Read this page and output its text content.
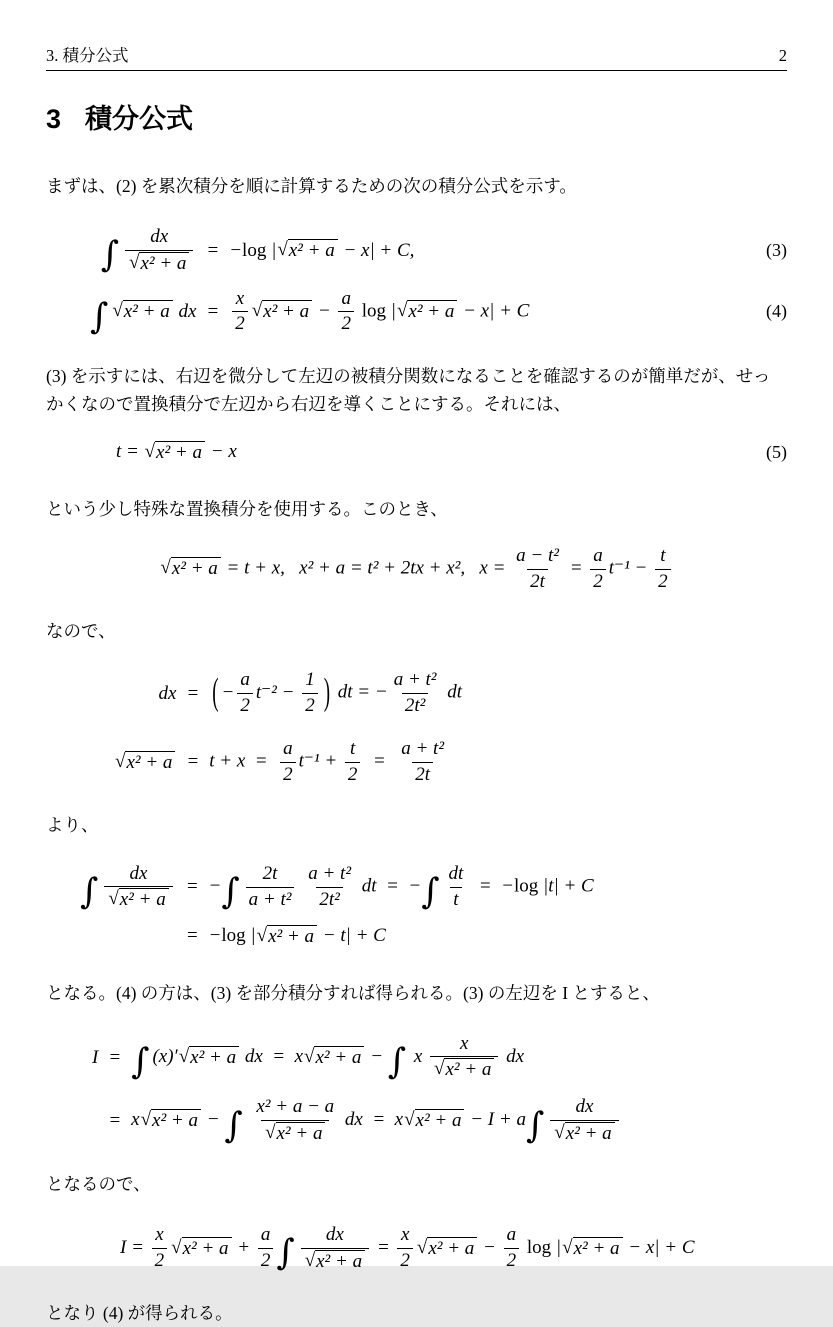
3. 積分公式	2
3 積分公式

まずは、(2) を累次積分を順に計算するための次の積分公式を示す。

∫ $\frac{dx}{\text{√ x² + a}} = -\log$ | √ x² + a − x| + C,	(3)
∫ √ x² + a dx = $\frac{x}{2}$ √ $x^2 + a - \frac{a}{2}$ log | √ x² + a − x| + C	(4)

(3) を示すには、右辺を微分して左辺の被積分関数になることを確認するのが簡単だが、せっかくなので置換積分で左辺から右辺を導くことにする。それには、

t = √ x² + a − x	(5)

という少し特殊な置換積分を使用する。このとき、

√ x² + a = t + x,   x² + a = t² + 2tx + x²,   $x = \frac{\text{a − t²}}{2t} = \frac{a}{2} t^{-1} - \frac{t}{2}$

なので、

dx = ( − $\frac{a}{2} t^{-2} - \frac{1}{2}$ ) dt = − $\frac{\text{a + t²}}{\text{2t²}}$ dt
√ $x^2 + a = t + x = \frac{a}{2} t^{-1} + \frac{t}{2} = \frac{\text{a + t²}}{2t}$

より、

∫ $\frac{dx}{\text{√ x² + a}}$ = −∫ $\frac{2t}{\text{a + t²}}$
$\frac{\text{a + t²}}{\text{2t²}}$ dt  =  −∫ $\frac{dt}{t} = -\log$ |t| + C
= −log | √ x² + a − t| + C

となる。(4) の方は、(3) を部分積分すれば得られる。(3) の左辺を I とすると、

I = ∫ (x)′ √ x² + a dx  =  x √ x² + a − ∫ x $\frac{x}{\text{√ x² + a}}$ dx
= x √ x² + a − ∫ $\frac{\text{x² + a − a}}{\text{√ x² + a}}$ dx  =  x √ $x^2 + a - I + a\int \frac{dx}{\text{√ x² + a}}$

となるので、

$I = \frac{x}{2}$ √ $x^2 + a + \frac{a}{2}$ ∫ $\frac{dx}{\text{√ x² + a}} = \frac{x}{2}$ √ $x^2 + a - \frac{a}{2}$ log | √ x² + a − x| + C

となり (4) が得られる。
